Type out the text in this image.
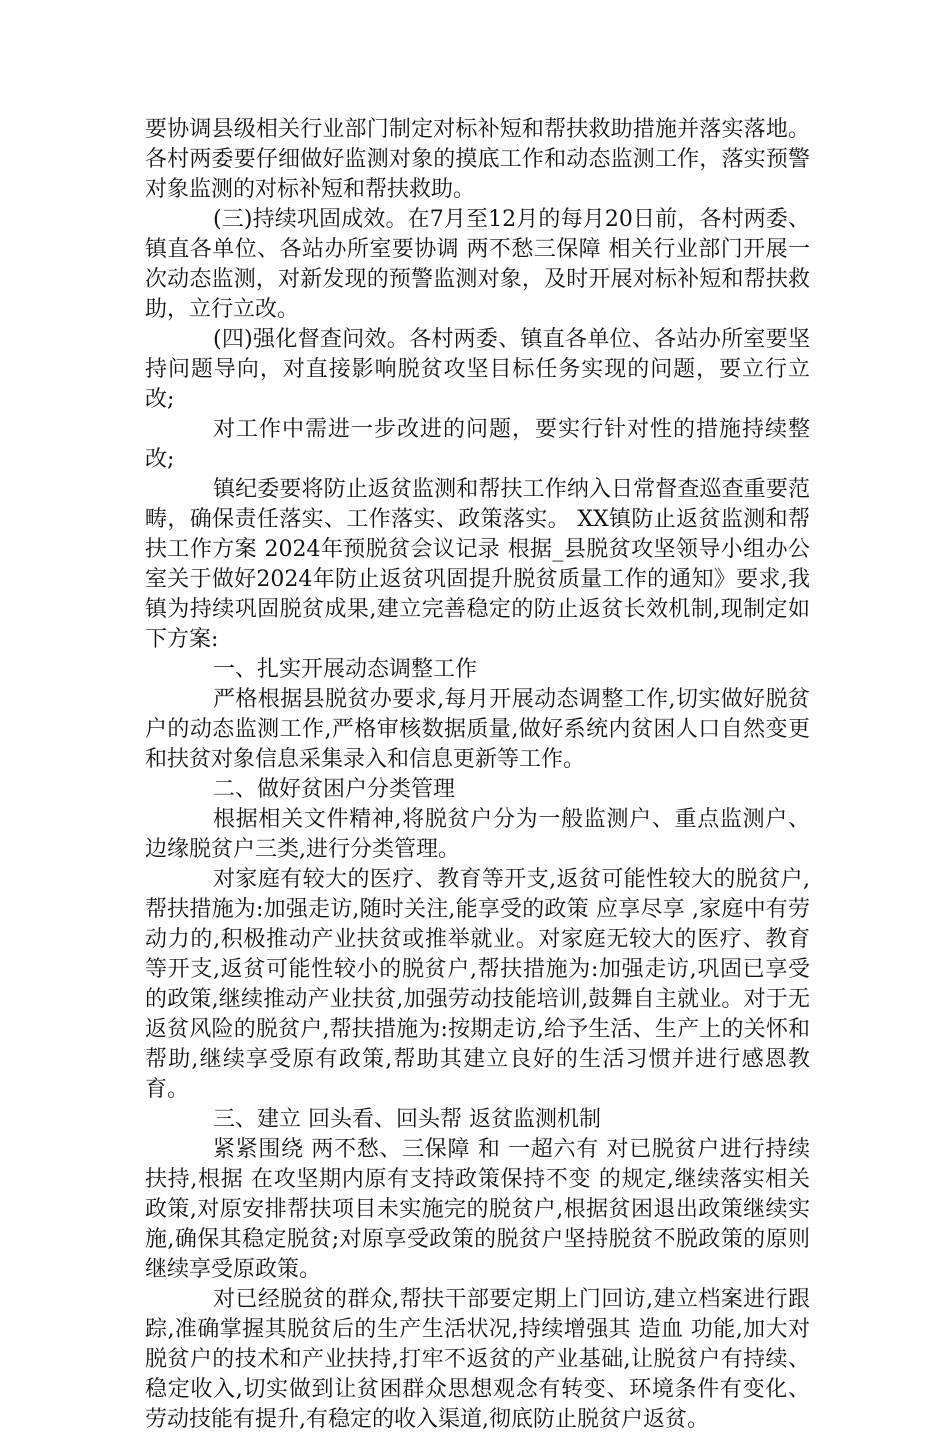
要协调县级相关行业部门制定对标补短和帮扶救助措施并落实落地。各村两委要仔细做好监测对象的摸底工作和动态监测工作，落实预警对象监测的对标补短和帮扶救助。

(三)持续巩固成效。在7月至12月的每月20日前，各村两委、镇直各单位、各站办所室要协调 两不愁三保障 相关行业部门开展一次动态监测，对新发现的预警监测对象，及时开展对标补短和帮扶救助，立行立改。

(四)强化督查问效。各村两委、镇直各单位、各站办所室要坚持问题导向，对直接影响脱贫攻坚目标任务实现的问题，要立行立改;

对工作中需进一步改进的问题，要实行针对性的措施持续整改;

镇纪委要将防止返贫监测和帮扶工作纳入日常督查巡查重要范畴，确保责任落实、工作落实、政策落实。 XX镇防止返贫监测和帮扶工作方案 2024年预脱贫会议记录 根据_县脱贫攻坚领导小组办公室关于做好2024年防止返贫巩固提升脱贫质量工作的通知》要求,我镇为持续巩固脱贫成果,建立完善稳定的防止返贫长效机制,现制定如下方案:

一、扎实开展动态调整工作

严格根据县脱贫办要求,每月开展动态调整工作,切实做好脱贫户的动态监测工作,严格审核数据质量,做好系统内贫困人口自然变更和扶贫对象信息采集录入和信息更新等工作。

二、做好贫困户分类管理

根据相关文件精神,将脱贫户分为一般监测户、重点监测户、边缘脱贫户三类,进行分类管理。

对家庭有较大的医疗、教育等开支,返贫可能性较大的脱贫户,帮扶措施为:加强走访,随时关注,能享受的政策 应享尽享 ,家庭中有劳动力的,积极推动产业扶贫或推举就业。对家庭无较大的医疗、教育等开支,返贫可能性较小的脱贫户,帮扶措施为:加强走访,巩固已享受的政策,继续推动产业扶贫,加强劳动技能培训,鼓舞自主就业。对于无返贫风险的脱贫户,帮扶措施为:按期走访,给予生活、生产上的关怀和帮助,继续享受原有政策,帮助其建立良好的生活习惯并进行感恩教育。

三、建立 回头看、回头帮 返贫监测机制

紧紧围绕 两不愁、三保障 和 一超六有 对已脱贫户进行持续扶持,根据 在攻坚期内原有支持政策保持不变 的规定,继续落实相关政策,对原安排帮扶项目未实施完的脱贫户,根据贫困退出政策继续实施,确保其稳定脱贫;对原享受政策的脱贫户坚持脱贫不脱政策的原则继续享受原政策。

对已经脱贫的群众,帮扶干部要定期上门回访,建立档案进行跟踪,准确掌握其脱贫后的生产生活状况,持续增强其 造血 功能,加大对脱贫户的技术和产业扶持,打牢不返贫的产业基础,让脱贫户有持续、稳定收入,切实做到让贫困群众思想观念有转变、环境条件有变化、劳动技能有提升,有稳定的收入渠道,彻底防止脱贫户返贫。
